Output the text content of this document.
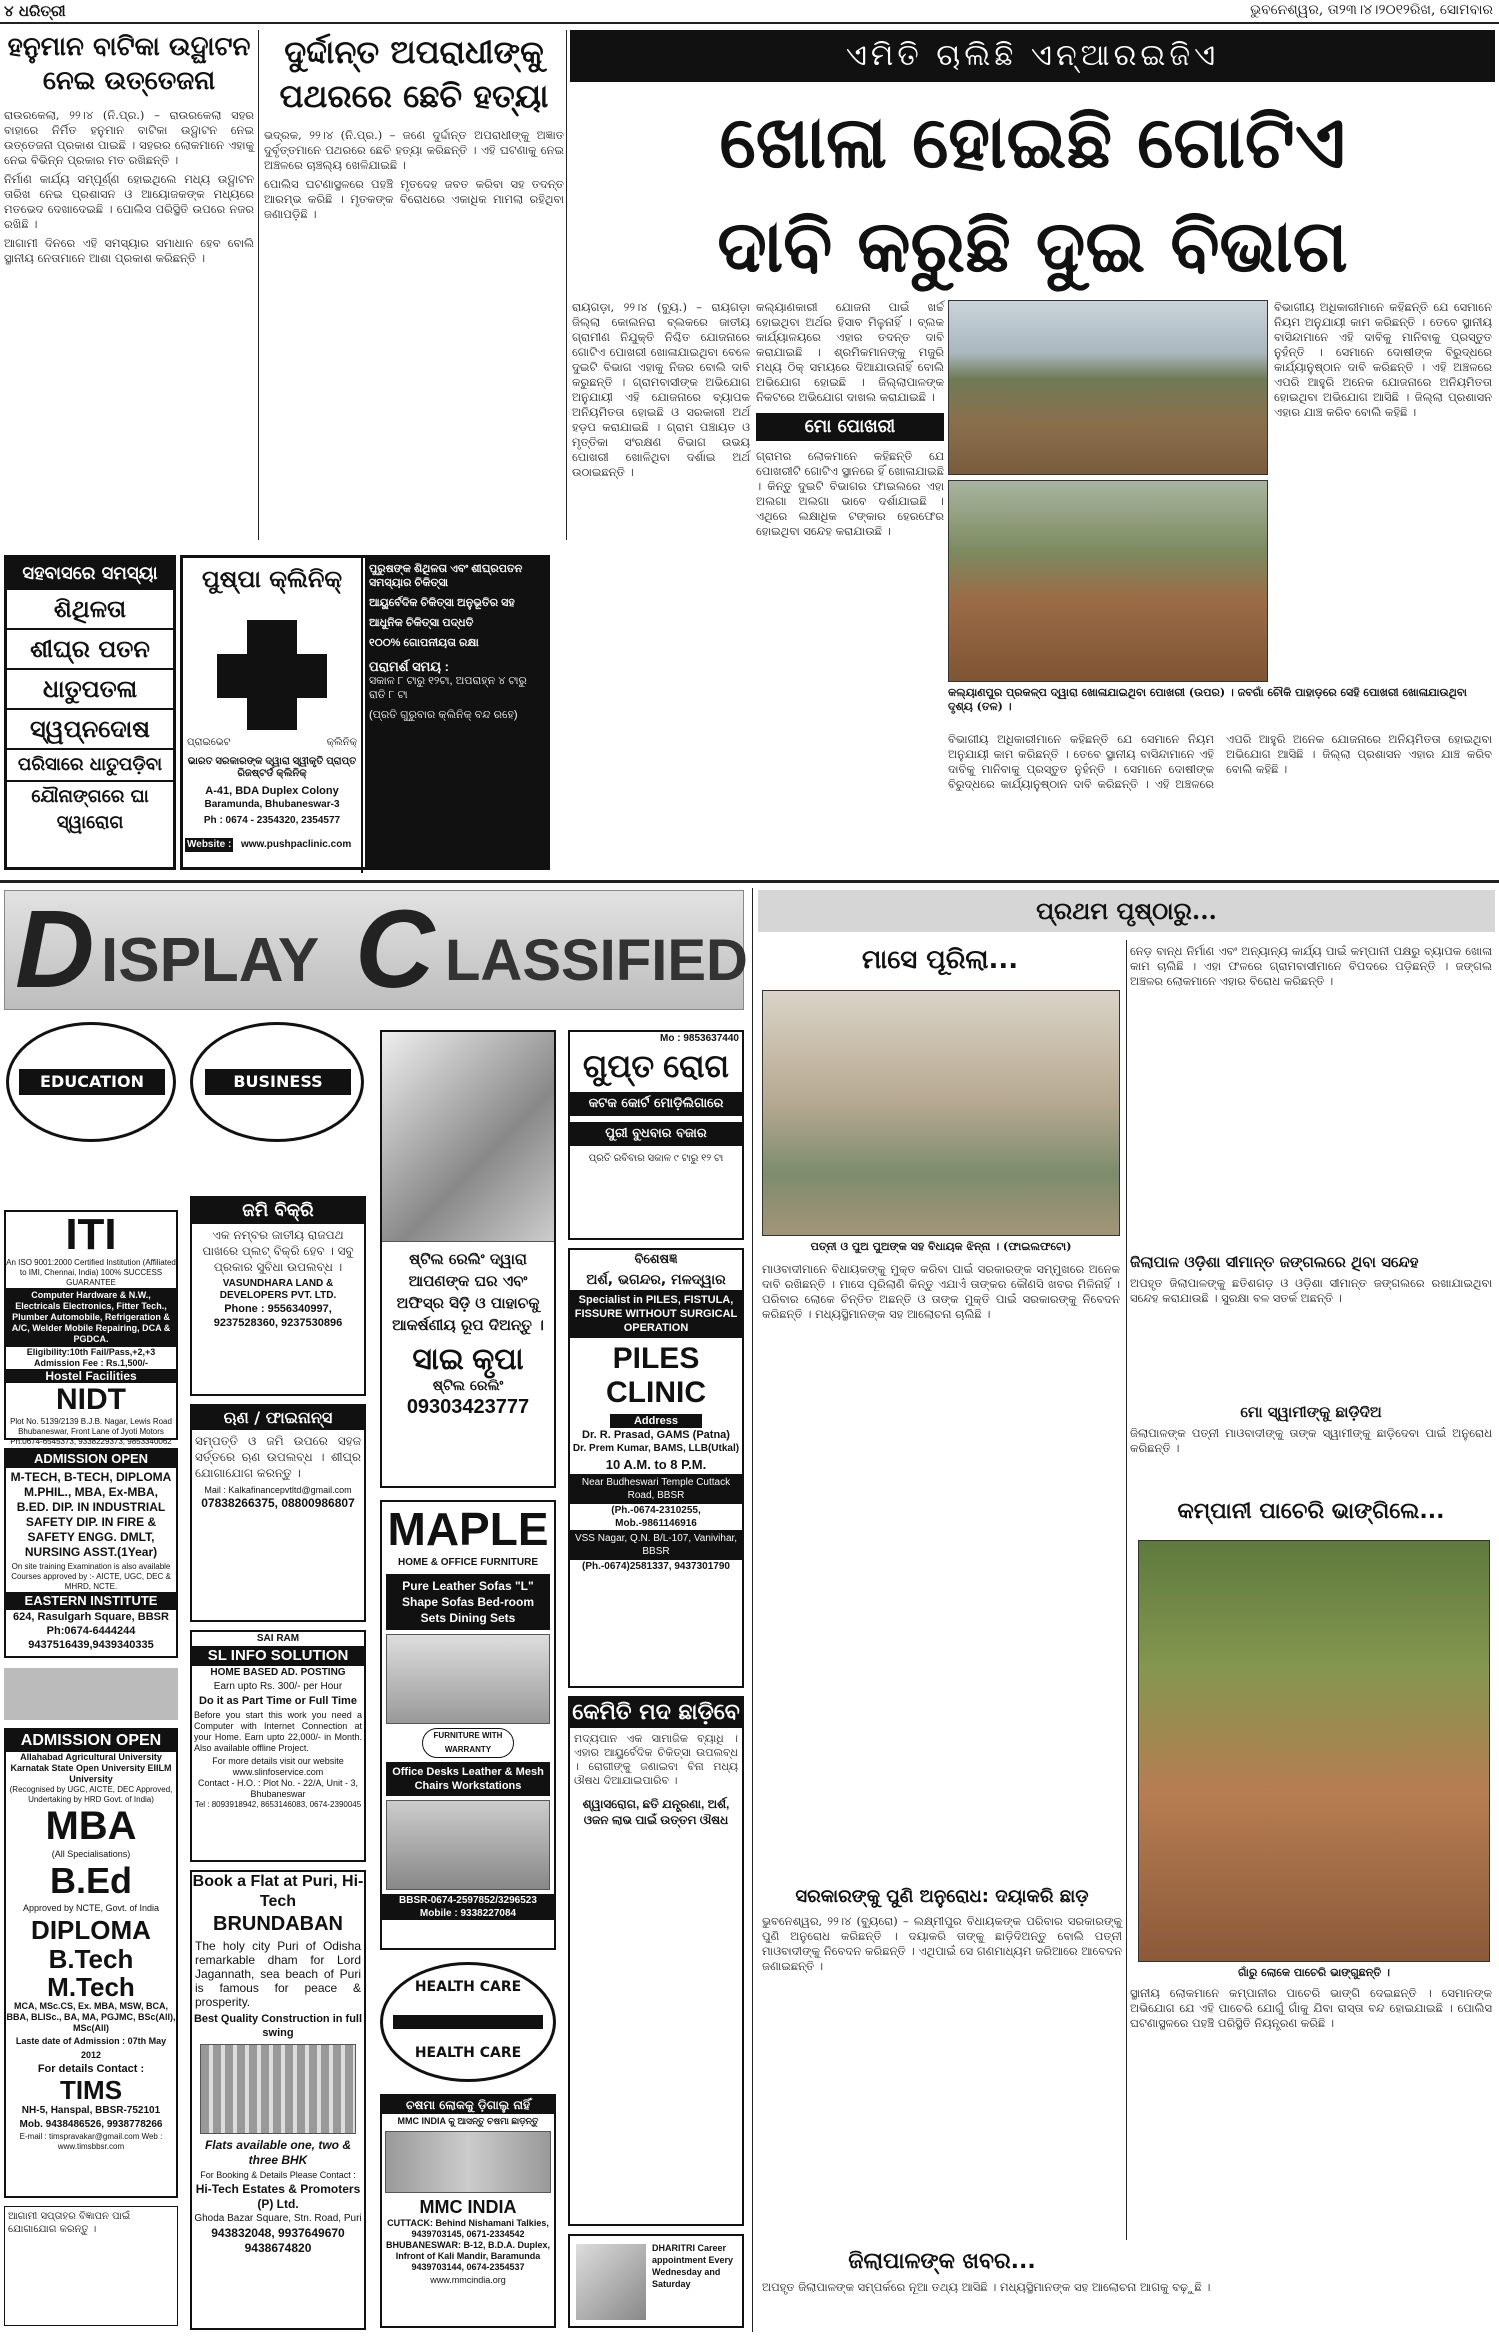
୪ ଧରିତ୍ରୀ	ଭୁବନେଶ୍ୱର, ତା୨୩।୪।୨୦୧୨ରିଖ, ସୋମବାର
ହନୁମାନ ବାଟିକା ଉଦ୍ଘାଟନ ନେଇ ଉତ୍ତେଜନା

ରାଉରକେଲା, ୨୨।୪ (ନି.ପ୍ର.) – ରାଉରକେଲା ସହର ବାହାରେ ନିର୍ମିତ ହନୁମାନ ବାଟିକା ଉଦ୍ଘାଟନ ନେଇ ଉତ୍ତେଜନା ପ୍ରକାଶ ପାଇଛି । ସହରର ଲୋକମାନେ ଏହାକୁ ନେଇ ବିଭିନ୍ନ ପ୍ରକାର ମତ ରଖିଛନ୍ତି ।

ନିର୍ମାଣ କାର୍ଯ୍ୟ ସମ୍ପୂର୍ଣ୍ଣ ହୋଇଥିଲେ ମଧ୍ୟ ଉଦ୍ଘାଟନ ତାରିଖ ନେଇ ପ୍ରଶାସନ ଓ ଆୟୋଜକଙ୍କ ମଧ୍ୟରେ ମତଭେଦ ଦେଖାଦେଇଛି । ପୋଲିସ ପରିସ୍ଥିତି ଉପରେ ନଜର ରଖିଛି ।

ଆଗାମୀ ଦିନରେ ଏହି ସମସ୍ୟାର ସମାଧାନ ହେବ ବୋଲି ସ୍ଥାନୀୟ ନେତାମାନେ ଆଶା ପ୍ରକାଶ କରିଛନ୍ତି ।

ଦୁର୍ଦ୍ଦାନ୍ତ ଅପରାଧୀଙ୍କୁ ପଥରରେ ଛେଚି ହତ୍ୟା

ଭଦ୍ରକ, ୨୨।୪ (ନି.ପ୍ର.) – ଜଣେ ଦୁର୍ଦ୍ଦାନ୍ତ ଅପରାଧୀଙ୍କୁ ଅଜ୍ଞାତ ଦୁର୍ବୃତ୍ତମାନେ ପଥରରେ ଛେଚି ହତ୍ୟା କରିଛନ୍ତି । ଏହି ଘଟଣାକୁ ନେଇ ଅଞ୍ଚଳରେ ଚାଞ୍ଚଲ୍ୟ ଖେଳିଯାଇଛି ।

ପୋଲିସ ଘଟଣାସ୍ଥଳରେ ପହଞ୍ଚି ମୃତଦେହ ଜବତ କରିବା ସହ ତଦନ୍ତ ଆରମ୍ଭ କରିଛି । ମୃତକଙ୍କ ବିରୋଧରେ ଏକାଧିକ ମାମଲା ରହିଥିବା ଜଣାପଡ଼ିଛି ।

ଏମିତି ଚାଲିଛି ଏନ୍ଆରଇଜିଏ
ଖୋଳା ହୋଇଛି ଗୋଟିଏ
ଦାବି କରୁଛି ଦୁଇ ବିଭାଗ
ରାୟଗଡ଼ା, ୨୨।୪ (ବ୍ୟୁ.) – ରାୟଗଡ଼ା ଜିଲ୍ଲା କୋଲନରା ବ୍ଲକରେ ଜାତୀୟ ଗ୍ରାମୀଣ ନିଯୁକ୍ତି ନିଶ୍ଚିତ ଯୋଜନାରେ ଗୋଟିଏ ପୋଖରୀ ଖୋଳାଯାଇଥିବା ବେଳେ ଦୁଇଟି ବିଭାଗ ଏହାକୁ ନିଜର ବୋଲି ଦାବି କରୁଛନ୍ତି । ଗ୍ରାମବାସୀଙ୍କ ଅଭିଯୋଗ ଅନୁଯାୟୀ ଏହି ଯୋଜନାରେ ବ୍ୟାପକ ଅନିୟମିତତା ହୋଇଛି ଓ ସରକାରୀ ଅର୍ଥ ହଡ଼ପ କରାଯାଇଛି । ଗ୍ରାମ ପଞ୍ଚାୟତ ଓ ମୃତ୍ତିକା ସଂରକ୍ଷଣ ବିଭାଗ ଉଭୟ ପୋଖରୀ ଖୋଳିଥିବା ଦର୍ଶାଇ ଅର୍ଥ ଉଠାଇଛନ୍ତି ।

କଲ୍ୟାଣକାରୀ ଯୋଜନା ପାଇଁ ଖର୍ଚ୍ଚ ହୋଇଥିବା ଅର୍ଥର ହିସାବ ମିଳୁନାହିଁ । ବ୍ଲକ କାର୍ଯ୍ୟାଳୟରେ ଏହାର ତଦନ୍ତ ଦାବି କରାଯାଇଛି । ଶ୍ରମିକମାନଙ୍କୁ ମଜୁରି ମଧ୍ୟ ଠିକ୍ ସମୟରେ ଦିଆଯାଉନାହିଁ ବୋଲି ଅଭିଯୋଗ ହୋଇଛି । ଜିଲ୍ଲାପାଳଙ୍କ ନିକଟରେ ଅଭିଯୋଗ ଦାଖଲ କରାଯାଇଛି ।

ମୋ ପୋଖରୀ

ଗ୍ରାମର ଲୋକମାନେ କହିଛନ୍ତି ଯେ ପୋଖରୀଟି ଗୋଟିଏ ସ୍ଥାନରେ ହିଁ ଖୋଳାଯାଇଛି । କିନ୍ତୁ ଦୁଇଟି ବିଭାଗର ଫାଇଲରେ ଏହା ଅଲଗା ଅଲଗା ଭାବେ ଦର୍ଶାଯାଇଛି । ଏଥିରେ ଲକ୍ଷାଧିକ ଟଙ୍କାର ହେରଫେର ହୋଇଥିବା ସନ୍ଦେହ କରାଯାଉଛି ।

କଲ୍ୟାଣପୁର ପ୍ରକଳ୍ପ ଦ୍ୱାରା ଖୋଳାଯାଇଥିବା ପୋଖରୀ (ଉପର) । ଜବଗାଁ ଚୌକି ପାହାଡ଼ରେ ସେହି ପୋଖରୀ ଖୋଳାଯାଉଥିବା ଦୃଶ୍ୟ (ତଳ) ।
ବିଭାଗୀୟ ଅଧିକାରୀମାନେ କହିଛନ୍ତି ଯେ ସେମାନେ ନିୟମ ଅନୁଯାୟୀ କାମ କରିଛନ୍ତି । ତେବେ ସ୍ଥାନୀୟ ବାସିନ୍ଦାମାନେ ଏହି ଦାବିକୁ ମାନିବାକୁ ପ୍ରସ୍ତୁତ ନୁହଁନ୍ତି । ସେମାନେ ଦୋଷୀଙ୍କ ବିରୁଦ୍ଧରେ କାର୍ଯ୍ୟାନୁଷ୍ଠାନ ଦାବି କରିଛନ୍ତି । ଏହି ଅଞ୍ଚଳରେ ଏପରି ଆହୁରି ଅନେକ ଯୋଜନାରେ ଅନିୟମିତତା ହୋଇଥିବା ଅଭିଯୋଗ ଆସିଛି । ଜିଲ୍ଲା ପ୍ରଶାସନ ଏହାର ଯାଞ୍ଚ କରିବ ବୋଲି କହିଛି ।
ବିଭାଗୀୟ ଅଧିକାରୀମାନେ କହିଛନ୍ତି ଯେ ସେମାନେ ନିୟମ ଅନୁଯାୟୀ କାମ କରିଛନ୍ତି । ତେବେ ସ୍ଥାନୀୟ ବାସିନ୍ଦାମାନେ ଏହି ଦାବିକୁ ମାନିବାକୁ ପ୍ରସ୍ତୁତ ନୁହଁନ୍ତି । ସେମାନେ ଦୋଷୀଙ୍କ ବିରୁଦ୍ଧରେ କାର୍ଯ୍ୟାନୁଷ୍ଠାନ ଦାବି କରିଛନ୍ତି । ଏହି ଅଞ୍ଚଳରେ ଏପରି ଆହୁରି ଅନେକ ଯୋଜନାରେ ଅନିୟମିତତା ହୋଇଥିବା ଅଭିଯୋଗ ଆସିଛି । ଜିଲ୍ଲା ପ୍ରଶାସନ ଏହାର ଯାଞ୍ଚ କରିବ ବୋଲି କହିଛି ।
ସହବାସରେ ସମସ୍ୟା
ଶିଥିଳତା
ଶୀଘ୍ର ପତନ
ଧାତୁପତଳା
ସ୍ୱପ୍ନଦୋଷ
ପରିସାରେ ଧାତୁପଡ଼ିବା
ଯୌନାଙ୍ଗରେ ଘା ସ୍ୱାରୋଗ
ପୁଷ୍ପା କ୍ଲିନିକ୍
ପ୍ରାଇଭେଟ	କ୍ଲିନିକ୍
ଭାରତ ସରକାରଙ୍କ ଦ୍ୱାରା ସ୍ୱୀକୃତି ପ୍ରାପ୍ତ ରିଜଷ୍ଟର୍ଡ କ୍ଲିନିକ୍
A-41, BDA Duplex Colony
Baramunda, Bhubaneswar-3
Ph : 0674 - 2354320, 2354577
Website : www.pushpaclinic.com
ପୁରୁଷଙ୍କ ଶିଥିଳତା ଏବଂ ଶୀଘ୍ରପତନ ସମସ୍ୟାର ଚିକିତ୍ସା
ଆୟୁର୍ବେଦିକ ଚିକିତ୍ସା ଅନୁଭୂତିର ସହ
ଆଧୁନିକ ଚିକିତ୍ସା ପଦ୍ଧତି
୧୦୦% ଗୋପନୀୟତା ରକ୍ଷା
ପରାମର୍ଶ ସମୟ :
ସକାଳ ୮ ଟାରୁ ୧୨ଟା, ଅପରାହ୍ନ ୪ ଟାରୁ ରାତି ୮ ଟା
(ପ୍ରତି ଗୁରୁବାର କ୍ଲିନିକ୍ ବନ୍ଦ ରହେ)
D ISPLAY C LASSIFIED
EDUCATION
ITI
An ISO 9001:2000 Certified Institution (Affiliated to IMI, Chennai, India) 100% SUCCESS GUARANTEE
Computer Hardware & N.W., Electricals Electronics, Fitter Tech., Plumber Automobile, Refrigeration & A/C, Welder Mobile Repairing, DCA & PGDCA.
Eligibility:10th Fail/Pass,+2,+3 Admission Fee : Rs.1,500/-
Hostel Facilities
NIDT
Plot No. 5139/2139 B.J.B. Nagar, Lewis Road Bhubaneswar, Front Lane of Jyoti Motors Ph:0674-6545373, 9338229373, 9853340062
ADMISSION OPEN
M-TECH, B-TECH, DIPLOMA M.PHIL., MBA, Ex-MBA, B.ED. DIP. IN INDUSTRIAL SAFETY DIP. IN FIRE & SAFETY ENGG. DMLT, NURSING ASST.(1Year)
On site training Examination is also available Courses approved by :- AICTE, UGC, DEC & MHRD, NCTE.
EASTERN INSTITUTE
624, Rasulgarh Square, BBSR Ph:0674-6444244 9437516439,9439340335
ADMISSION OPEN
Allahabad Agricultural University Karnatak State Open University EIILM University
(Recognised by UGC, AICTE, DEC Approved, Undertaking by HRD Govt. of India)
MBA
(All Specialisations)
B.Ed
Approved by NCTE, Govt. of India
DIPLOMA
B.Tech
M.Tech
MCA, MSc.CS, Ex. MBA, MSW, BCA, BBA, BLISc., BA, MA, PGJMC, BSc(All), MSc(All)
Laste date of Admission : 07th May 2012
For details Contact :
TIMS
NH-5, Hanspal, BBSR-752101
Mob. 9438486526, 9938778266
E-mail : timspravakar@gmail.com Web : www.timsbbsr.com
ଆଗାମୀ ସପ୍ତାହର ବିଜ୍ଞାପନ ପାଇଁ ଯୋଗାଯୋଗ କରନ୍ତୁ ।
BUSINESS
ଜମି ବିକ୍ରି
ଏକ ନମ୍ବର ଜାତୀୟ ରାଜପଥ ପାଖରେ ପ୍ଲଟ୍ ବିକ୍ରି ହେବ । ସବୁ ପ୍ରକାର ସୁବିଧା ଉପଲବ୍ଧ ।
VASUNDHARA LAND & DEVELOPERS PVT. LTD.
Phone : 9556340997, 9237528360, 9237530896
ଋଣ / ଫାଇନାନ୍ସ
ସମ୍ପତ୍ତି ଓ ଜମି ଉପରେ ସହଜ ସର୍ତ୍ତରେ ଋଣ ଉପଲବ୍ଧ । ଶୀଘ୍ର ଯୋଗାଯୋଗ କରନ୍ତୁ ।
Mail : Kalkafinancepvtltd@gmail.com
07838266375, 08800986807
SAI RAM
SL INFO SOLUTION
HOME BASED AD. POSTING
Earn upto Rs. 300/- per Hour
Do it as Part Time or Full Time
Before you start this work you need a Computer with Internet Connection at your Home. Earn upto 22,000/- in Month. Also available offline Project.
For more details visit our website www.slinfoservice.com
Contact - H.O. : Plot No. - 22/A, Unit - 3, Bhubaneswar
Tel : 8093918942, 8653146083, 0674-2390045
Book a Flat at Puri, Hi-Tech
BRUNDABAN
The holy city Puri of Odisha remarkable dham for Lord Jagannath, sea beach of Puri is famous for peace & prosperity.
Best Quality Construction in full swing
Flats available one, two & three BHK
For Booking & Details Please Contact :
Hi-Tech Estates & Promoters (P) Ltd.
Ghoda Bazar Square, Stn. Road, Puri
943832048, 9937649670 9438674820
ଷ୍ଟିଲ ରେଲିଂ ଦ୍ୱାରା ଆପଣଙ୍କ ଘର ଏବଂ ଅଫିସ୍‌ର ସିଡ଼ି ଓ ପାହାଚକୁ ଆକର୍ଷଣୀୟ ରୂପ ଦିଅନ୍ତୁ ।
ସାଇ କୃପା
ଷ୍ଟିଲ ରେଲିଂ
09303423777
MAPLE
HOME & OFFICE FURNITURE
Pure Leather Sofas "L" Shape Sofas Bed-room Sets Dining Sets
FURNITURE WITH WARRANTY
Office Desks Leather & Mesh Chairs Workstations
BBSR-0674-2597852/3296523 Mobile : 9338227084
HEALTH CARE
HEALTH CARE
ଚଷମା ଲୋକକୁ ଡ଼ିଗାଲୁ ନାହିଁ
MMC INDIA କୁ ଆସନ୍ତୁ ଚଷମା ଛାଡ଼ନ୍ତୁ
MMC INDIA
CUTTACK: Behind Nishamani Talkies, 9439703145, 0671-2334542
BHUBANESWAR: B-12, B.D.A. Duplex, Infront of Kali Mandir, Baramunda 9439703144, 0674-2354537
www.mmcindia.org
Mo : 9853637440
ଗୁପ୍ତ ରୋଗ
କଟକ କୋର୍ଟ ମୋଡ଼ିଲିଗାରେ
ପୁରୀ ବୁଧବାର ବଜାର
ପ୍ରତି ରବିବାର ସକାଳ ୯ ଟାରୁ ୧୨ ଟା
ବିଶେଷଜ୍ଞ
ଅର୍ଶ, ଭଗନ୍ଦର, ମଳଦ୍ୱାର
Specialist in PILES, FISTULA, FISSURE WITHOUT SURGICAL OPERATION
PILES CLINIC
Address
Dr. R. Prasad, GAMS (Patna)
Dr. Prem Kumar, BAMS, LLB(Utkal)
10 A.M. to 8 P.M.
Near Budheswari Temple Cuttack Road, BBSR
(Ph.-0674-2310255, Mob.-9861146916
VSS Nagar, Q.N. B/L-107, Vanivihar, BBSR
(Ph.-0674)2581337, 9437301790
କେମିତି ମଦ ଛାଡ଼ିବେ
ମଦ୍ୟପାନ ଏକ ସାମାଜିକ ବ୍ୟାଧି । ଏହାର ଆୟୁର୍ବେଦିକ ଚିକିତ୍ସା ଉପଲବ୍ଧ । ରୋଗୀଙ୍କୁ ଜଣାଇବା ବିନା ମଧ୍ୟ ଔଷଧ ଦିଆଯାଇପାରିବ ।
ଶ୍ୱାସରୋଗ, ଛତି ଯନ୍ତ୍ରଣା, ଅର୍ଶ, ଓଜନ ଲାଭ ପାଇଁ ଉତ୍ତମ ଔଷଧ
DHARITRI Career appointment Every Wednesday and Saturday
ପ୍ରଥମ ପୃଷ୍ଠାରୁ...
ମାସେ ପୂରିଲା...
ପତ୍ନୀ ଓ ପୁଅ ପୁଅଙ୍କ ସହ ବିଧାୟକ ଝିନ୍ନା । (ଫାଇଲଫଟୋ)
ମାଓବାଦୀମାନେ ବିଧାୟକଙ୍କୁ ମୁକ୍ତ କରିବା ପାଇଁ ସରକାରଙ୍କ ସମ୍ମୁଖରେ ଅନେକ ଦାବି ରଖିଛନ୍ତି । ମାସେ ପୂରିଲାଣି କିନ୍ତୁ ଏଯାଏଁ ତାଙ୍କର କୌଣସି ଖବର ମିଳିନାହିଁ । ପରିବାର ଲୋକେ ଚିନ୍ତିତ ଅଛନ୍ତି ଓ ତାଙ୍କ ମୁକ୍ତି ପାଇଁ ସରକାରଙ୍କୁ ନିବେଦନ କରିଛନ୍ତି । ମଧ୍ୟସ୍ଥିମାନଙ୍କ ସହ ଆଲୋଚନା ଚାଲିଛି ।
ସରକାରଙ୍କୁ ପୁଣି ଅନୁରୋଧ: ଦୟାକରି ଛାଡ଼
ଭୁବନେଶ୍ୱର, ୨୨।୪ (ବ୍ୟୁରୋ) – ଲକ୍ଷ୍ମୀପୁର ବିଧାୟକଙ୍କ ପରିବାର ସରକାରଙ୍କୁ ପୁଣି ଅନୁରୋଧ କରିଛନ୍ତି । ଦୟାକରି ତାଙ୍କୁ ଛାଡ଼ିଦିଅନ୍ତୁ ବୋଲି ପତ୍ନୀ ମାଓବାଦୀଙ୍କୁ ନିବେଦନ କରିଛନ୍ତି । ଏଥିପାଇଁ ସେ ଗଣମାଧ୍ୟମ ଜରିଆରେ ଆବେଦନ ଜଣାଇଛନ୍ତି ।
ଜିଲାପାଳଙ୍କ ଖବର...
ଅପହୃତ ଜିଲାପାଳଙ୍କ ସମ୍ପର୍କରେ ନୂଆ ତଥ୍ୟ ଆସିଛି । ମଧ୍ୟସ୍ଥିମାନଙ୍କ ସହ ଆଲୋଚନା ଆଗକୁ ବଢ଼ୁଛି ।
ନେଡ଼ ବାନ୍ଧ ନିର୍ମାଣ ଏବଂ ଅନ୍ୟାନ୍ୟ କାର୍ଯ୍ୟ ପାଇଁ କମ୍ପାନୀ ପକ୍ଷରୁ ବ୍ୟାପକ ଖୋଳା କାମ ଚାଲିଛି । ଏହା ଫଳରେ ଗ୍ରାମବାସୀମାନେ ବିପଦରେ ପଡ଼ିଛନ୍ତି । ଜଙ୍ଗଲ ଅଞ୍ଚଳର ଲୋକମାନେ ଏହାର ବିରୋଧ କରିଛନ୍ତି ।
ଜିଲାପାଳ ଓଡ଼ିଶା ସୀମାନ୍ତ ଜଙ୍ଗଲରେ ଥିବା ସନ୍ଦେହ
ଅପହୃତ ଜିଲାପାଳଙ୍କୁ ଛତିଶଗଡ଼ ଓ ଓଡ଼ିଶା ସୀମାନ୍ତ ଜଙ୍ଗଲରେ ରଖାଯାଇଥିବା ସନ୍ଦେହ କରାଯାଉଛି । ସୁରକ୍ଷା ବଳ ସତର୍କ ଅଛନ୍ତି ।
ମୋ ସ୍ୱାମୀଙ୍କୁ ଛାଡ଼ିଦିଅ
ଜିଲାପାଳଙ୍କ ପତ୍ନୀ ମାଓବାଦୀଙ୍କୁ ତାଙ୍କ ସ୍ୱାମୀଙ୍କୁ ଛାଡ଼ିଦେବା ପାଇଁ ଅନୁରୋଧ କରିଛନ୍ତି ।
କମ୍ପାନୀ ପାଚେରି ଭାଙ୍ଗିଲେ...
ଗାଁରୁ ଲୋକେ ପାଚେରି ଭାଙ୍ଗୁଛନ୍ତି ।
ସ୍ଥାନୀୟ ଲୋକମାନେ କମ୍ପାନୀର ପାଚେରି ଭାଙ୍ଗି ଦେଇଛନ୍ତି । ସେମାନଙ୍କ ଅଭିଯୋଗ ଯେ ଏହି ପାଚେରି ଯୋଗୁଁ ଗାଁକୁ ଯିବା ରାସ୍ତା ବନ୍ଦ ହୋଇଯାଇଛି । ପୋଲିସ ଘଟଣାସ୍ଥଳରେ ପହଞ୍ଚି ପରିସ୍ଥିତି ନିୟନ୍ତ୍ରଣ କରିଛି ।
